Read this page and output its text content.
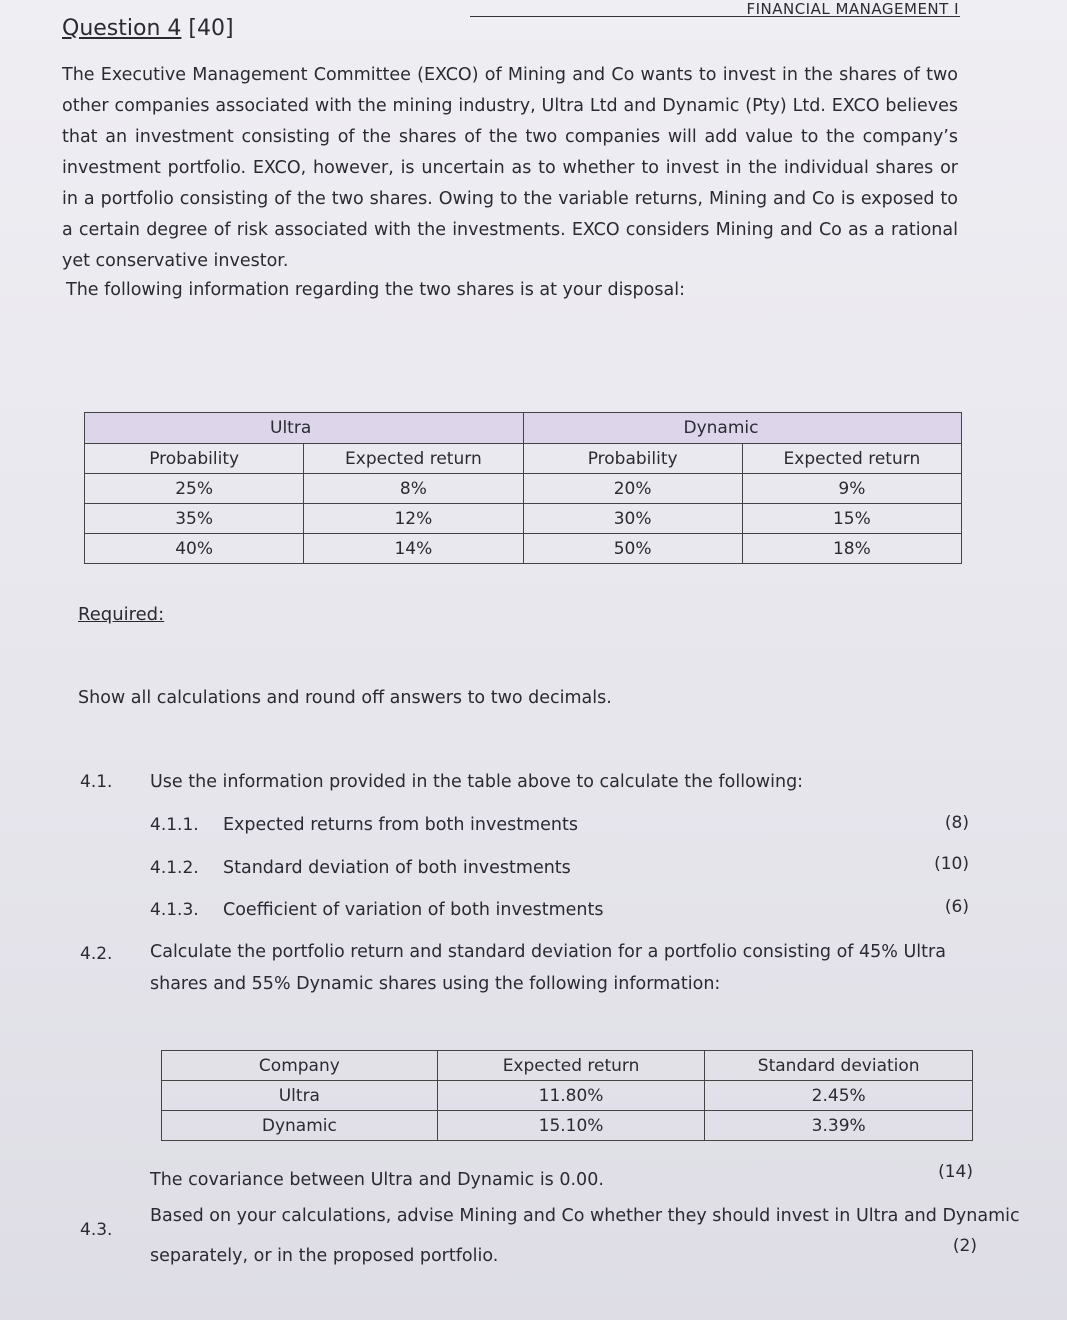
FINANCIAL MANAGEMENT I
Question 4 [40]

The Executive Management Committee (EXCO) of Mining and Co wants to invest in the shares of two other companies associated with the mining industry, Ultra Ltd and Dynamic (Pty) Ltd. EXCO believes that an investment consisting of the shares of the two companies will add value to the company’s investment portfolio. EXCO, however, is uncertain as to whether to invest in the individual shares or in a portfolio consisting of the two shares. Owing to the variable returns, Mining and Co is exposed to a certain degree of risk associated with the investments. EXCO considers Mining and Co as a rational yet conservative investor.

The following information regarding the two shares is at your disposal:
Ultra		Dynamic	
Probability	Expected return	Probability	Expected return
25%	8%	20%	9%
35%	12%	30%	15%
40%	14%	50%	18%
Required:
Show all calculations and round off answers to two decimals.
4.1. Use the information provided in the table above to calculate the following:
4.1.1. Expected returns from both investments	(8)
4.1.2. Standard deviation of both investments	(10)
4.1.3. Coefficient of variation of both investments	(6)
4.2. Calculate the portfolio return and standard deviation for a portfolio consisting of 45% Ultra
shares and 55% Dynamic shares using the following information:
Company	Expected return	Standard deviation
Ultra	11.80%	2.45%
Dynamic	15.10%	3.39%
The covariance between Ultra and Dynamic is 0.00.	(14)
4.3.
Based on your calculations, advise Mining and Co whether they should invest in Ultra and Dynamic
separately, or in the proposed portfolio.	(2)
